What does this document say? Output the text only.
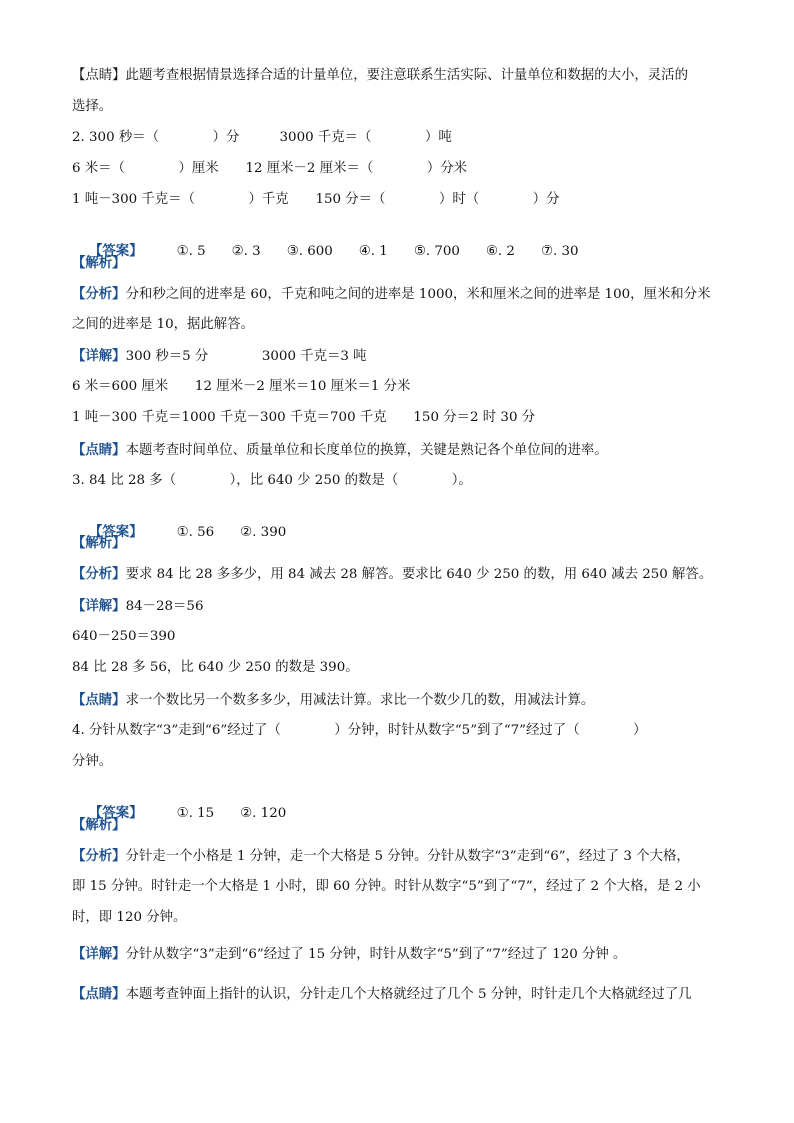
【点睛】此题考查根据情景选择合适的计量单位，要注意联系生活实际、计量单位和数据的大小，灵活的
选择。
2. 300 秒＝（　　　　）分　　　3000 千克＝（　　　　）吨
6 米＝（　　　　）厘米　　12 厘米－2 厘米＝（　　　　）分米
1 吨－300 千克＝（　　　　）千克　　150 分＝（　　　　）时（　　　　）分

【答案】	①. 5 ②. 3 ③. 600 ④. 1 ⑤. 700 ⑥. 2 ⑦. 30

【解析】
【分析】分和秒之间的进率是 60，千克和吨之间的进率是 1000，米和厘米之间的进率是 100，厘米和分米
之间的进率是 10，据此解答。
【详解】300 秒＝5 分　　　　3000 千克＝3 吨
6 米＝600 厘米　　12 厘米－2 厘米＝10 厘米＝1 分米
1 吨－300 千克＝1000 千克－300 千克＝700 千克　　150 分＝2 时 30 分
【点睛】本题考查时间单位、质量单位和长度单位的换算，关键是熟记各个单位间的进率。
3. 84 比 28 多（　　　　），比 640 少 250 的数是（　　　　）。

【答案】	①. 56 ②. 390

【解析】
【分析】要求 84 比 28 多多少，用 84 减去 28 解答。要求比 640 少 250 的数，用 640 减去 250 解答。
【详解】84－28＝56
640－250＝390
84 比 28 多 56，比 640 少 250 的数是 390。
【点睛】求一个数比另一个数多多少，用减法计算。求比一个数少几的数，用减法计算。
4. 分针从数字“3”走到“6”经过了（　　　　）分钟，时针从数字“5”到了“7”经过了（　　　　）
分钟。

【答案】	①. 15 ②. 120

【解析】
【分析】分针走一个小格是 1 分钟，走一个大格是 5 分钟。分针从数字“3”走到“6”，经过了 3 个大格，
即 15 分钟。时针走一个大格是 1 小时，即 60 分钟。时针从数字“5”到了“7”，经过了 2 个大格，是 2 小
时，即 120 分钟。
【详解】分针从数字“3”走到“6”经过了 15 分钟，时针从数字“5”到了“7”经过了 120 分钟 。
【点睛】本题考查钟面上指针的认识，分针走几个大格就经过了几个 5 分钟，时针走几个大格就经过了几
